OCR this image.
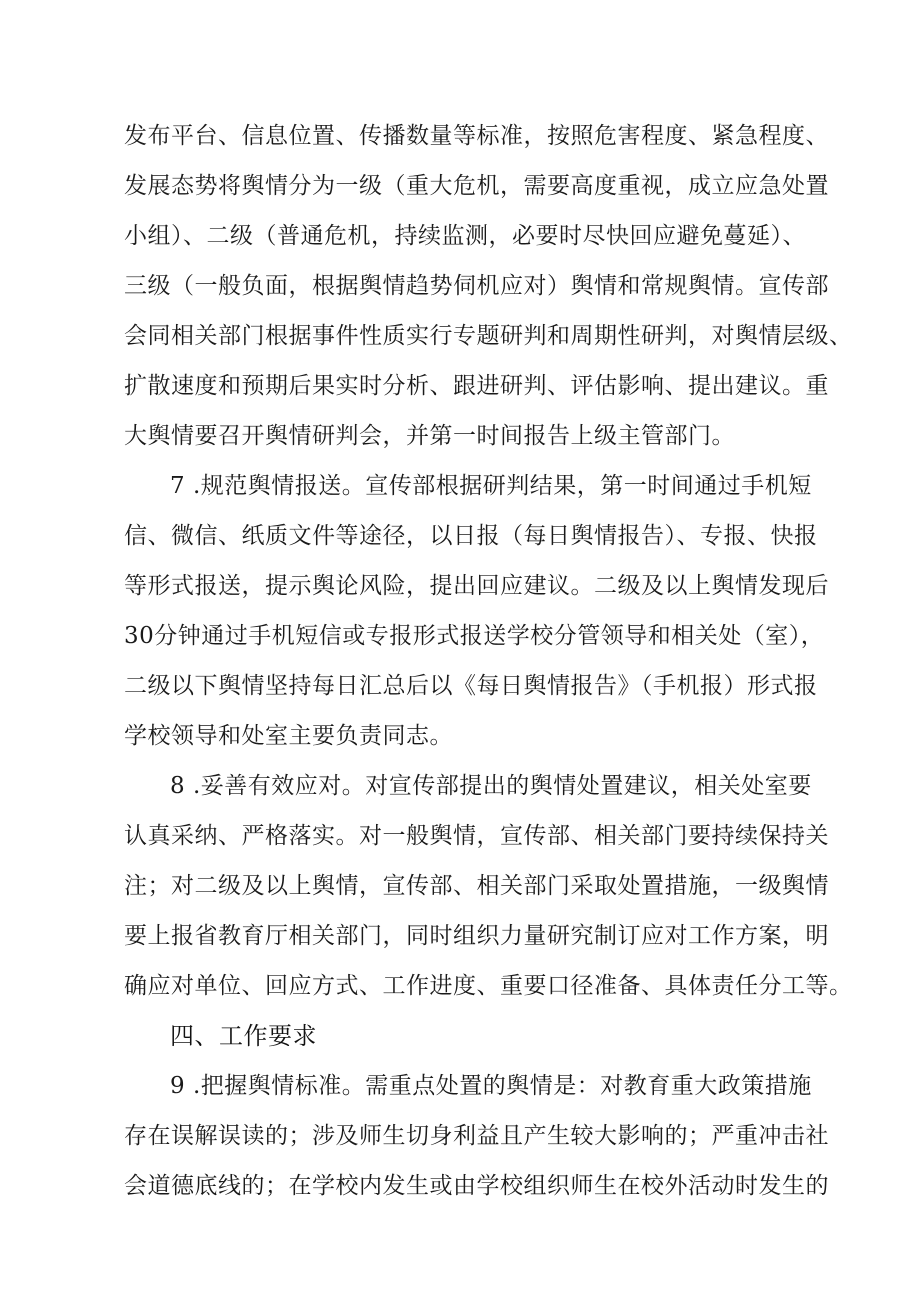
发布平台、信息位置、传播数量等标准，按照危害程度、紧急程度、
发展态势将舆情分为一级（重大危机，需要高度重视，成立应急处置
小组）、二级（普通危机，持续监测，必要时尽快回应避免蔓延）、
三级（一般负面，根据舆情趋势伺机应对）舆情和常规舆情。宣传部
会同相关部门根据事件性质实行专题研判和周期性研判，对舆情层级、
扩散速度和预期后果实时分析、跟进研判、评估影响、提出建议。重
大舆情要召开舆情研判会，并第一时间报告上级主管部门。
7 .规范舆情报送。宣传部根据研判结果，第一时间通过手机短
信、微信、纸质文件等途径，以日报（每日舆情报告）、专报、快报
等形式报送，提示舆论风险，提出回应建议。二级及以上舆情发现后
30分钟通过手机短信或专报形式报送学校分管领导和相关处（室），
二级以下舆情坚持每日汇总后以《每日舆情报告》（手机报）形式报
学校领导和处室主要负责同志。
8 .妥善有效应对。对宣传部提出的舆情处置建议，相关处室要
认真采纳、严格落实。对一般舆情，宣传部、相关部门要持续保持关
注；对二级及以上舆情，宣传部、相关部门采取处置措施，一级舆情
要上报省教育厅相关部门，同时组织力量研究制订应对工作方案，明
确应对单位、回应方式、工作进度、重要口径准备、具体责任分工等。
四、工作要求
9 .把握舆情标准。需重点处置的舆情是：对教育重大政策措施
存在误解误读的；涉及师生切身利益且产生较大影响的；严重冲击社
会道德底线的；在学校内发生或由学校组织师生在校外活动时发生的
